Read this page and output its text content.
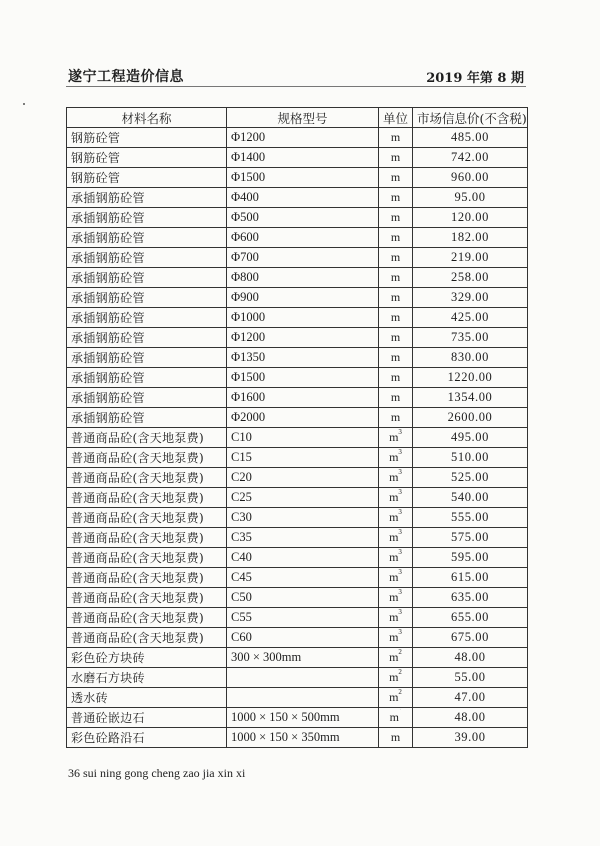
遂宁工程造价信息	2019 年第 8 期
材料名称	规格型号	单位	市场信息价(不含税)
钢筋砼管	Φ1200	m	485.00
钢筋砼管	Φ1400	m	742.00
钢筋砼管	Φ1500	m	960.00
承插钢筋砼管	Φ400	m	95.00
承插钢筋砼管	Φ500	m	120.00
承插钢筋砼管	Φ600	m	182.00
承插钢筋砼管	Φ700	m	219.00
承插钢筋砼管	Φ800	m	258.00
承插钢筋砼管	Φ900	m	329.00
承插钢筋砼管	Φ1000	m	425.00
承插钢筋砼管	Φ1200	m	735.00
承插钢筋砼管	Φ1350	m	830.00
承插钢筋砼管	Φ1500	m	1220.00
承插钢筋砼管	Φ1600	m	1354.00
承插钢筋砼管	Φ2000	m	2600.00
普通商品砼(含天地泵费)	C10	$m^3$	495.00
普通商品砼(含天地泵费)	C15	$m^3$	510.00
普通商品砼(含天地泵费)	C20	$m^3$	525.00
普通商品砼(含天地泵费)	C25	$m^3$	540.00
普通商品砼(含天地泵费)	C30	$m^3$	555.00
普通商品砼(含天地泵费)	C35	$m^3$	575.00
普通商品砼(含天地泵费)	C40	$m^3$	595.00
普通商品砼(含天地泵费)	C45	$m^3$	615.00
普通商品砼(含天地泵费)	C50	$m^3$	635.00
普通商品砼(含天地泵费)	C55	$m^3$	655.00
普通商品砼(含天地泵费)	C60	$m^3$	675.00
彩色砼方块砖	300 × 300mm	$m^2$	48.00
水磨石方块砖		$m^2$	55.00
透水砖		$m^2$	47.00
普通砼嵌边石	1000 × 150 × 500mm	$m^ˈ$	48.00
彩色砼路沿石	1000 × 150 × 350mm	m	39.00
36 sui ning gong cheng zao jia xin xi
